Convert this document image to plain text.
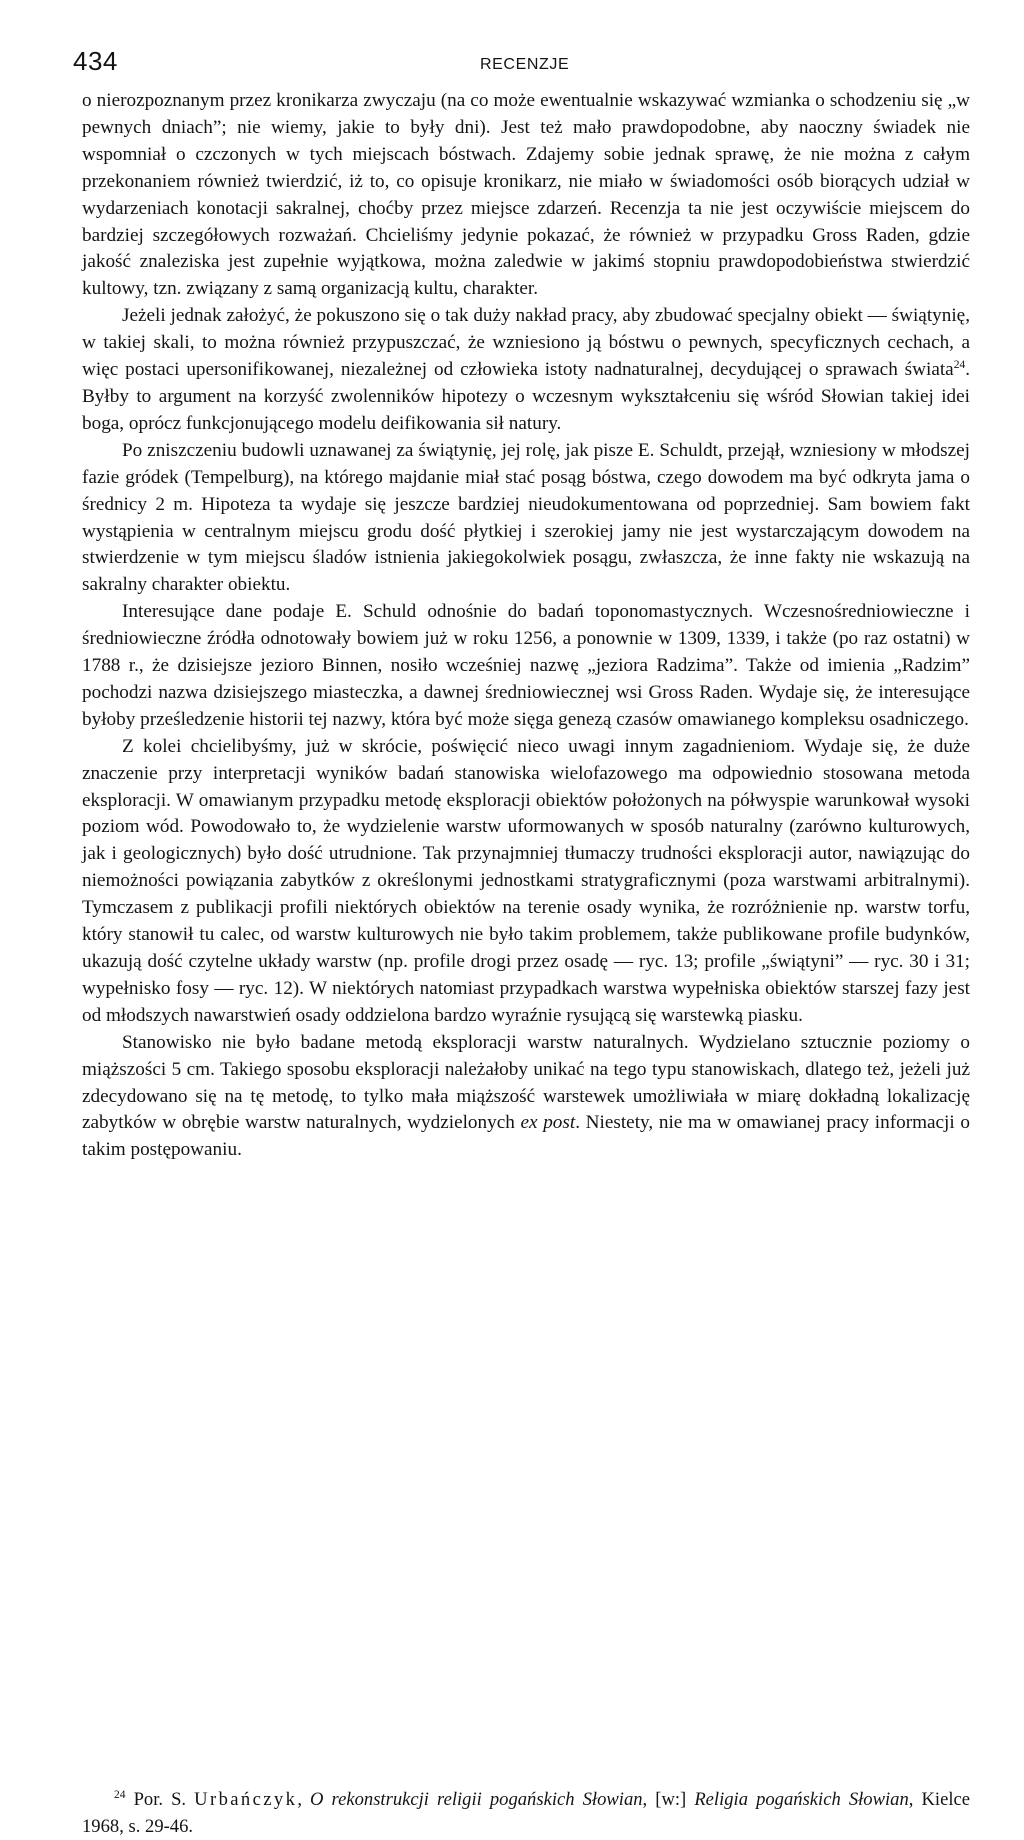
434	RECENZJE

o nierozpoznanym przez kronikarza zwyczaju (na co może ewentualnie wskazywać wzmianka o schodzeniu się „w pewnych dniach”; nie wiemy, jakie to były dni). Jest też mało prawdopodobne, aby naoczny świadek nie wspomniał o czczonych w tych miejscach bóstwach. Zdajemy sobie jednak sprawę, że nie można z całym przekonaniem również twierdzić, iż to, co opisuje kronikarz, nie miało w świadomości osób biorących udział w wydarzeniach konotacji sakralnej, choćby przez miejsce zdarzeń. Recenzja ta nie jest oczywiście miejscem do bardziej szczegółowych rozważań. Chcieliśmy jedynie pokazać, że również w przypadku Gross Raden, gdzie jakość znaleziska jest zupełnie wyjątkowa, można zaledwie w jakimś stopniu prawdopodobieństwa stwierdzić kultowy, tzn. związany z samą organizacją kultu, charakter.

Jeżeli jednak założyć, że pokuszono się o tak duży nakład pracy, aby zbudować specjalny obiekt — świątynię, w takiej skali, to można również przypuszczać, że wzniesiono ją bóstwu o pewnych, specyficznych cechach, a więc postaci upersonifikowanej, niezależnej od człowieka istoty nadnaturalnej, decydującej o sprawach świata$^{24}$. Byłby to argument na korzyść zwolenników hipotezy o wczesnym wykształceniu się wśród Słowian takiej idei boga, oprócz funkcjonującego modelu deifikowania sił natury.

Po zniszczeniu budowli uznawanej za świątynię, jej rolę, jak pisze E. Schuldt, przejął, wzniesiony w młodszej fazie gródek (Tempelburg), na którego majdanie miał stać posąg bóstwa, czego dowodem ma być odkryta jama o średnicy 2 m. Hipoteza ta wydaje się jeszcze bardziej nieudokumentowana od poprzedniej. Sam bowiem fakt wystąpienia w centralnym miejscu grodu dość płytkiej i szerokiej jamy nie jest wystarczającym dowodem na stwierdzenie w tym miejscu śladów istnienia jakiegokolwiek posągu, zwłaszcza, że inne fakty nie wskazują na sakralny charakter obiektu.

Interesujące dane podaje E. Schuld odnośnie do badań toponomastycznych. Wczesnośredniowieczne i średniowieczne źródła odnotowały bowiem już w roku 1256, a ponownie w 1309, 1339, i także (po raz ostatni) w 1788 r., że dzisiejsze jezioro Binnen, nosiło wcześniej nazwę „jeziora Radzima”. Także od imienia „Radzim” pochodzi nazwa dzisiejszego miasteczka, a dawnej średniowiecznej wsi Gross Raden. Wydaje się, że interesujące byłoby prześledzenie historii tej nazwy, która być może sięga genezą czasów omawianego kompleksu osadniczego.

Z kolei chcielibyśmy, już w skrócie, poświęcić nieco uwagi innym zagadnieniom. Wydaje się, że duże znaczenie przy interpretacji wyników badań stanowiska wielofazowego ma odpowiednio stosowana metoda eksploracji. W omawianym przypadku metodę eksploracji obiektów położonych na półwyspie warunkował wysoki poziom wód. Powodowało to, że wydzielenie warstw uformowanych w sposób naturalny (zarówno kulturowych, jak i geologicznych) było dość utrudnione. Tak przynajmniej tłumaczy trudności eksploracji autor, nawiązując do niemożności powiązania zabytków z określonymi jednostkami stratygraficznymi (poza warstwami arbitralnymi). Tymczasem z publikacji profili niektórych obiektów na terenie osady wynika, że rozróżnienie np. warstw torfu, który stanowił tu calec, od warstw kulturowych nie było takim problemem, także publikowane profile budynków, ukazują dość czytelne układy warstw (np. profile drogi przez osadę — ryc. 13; profile „świątyni” — ryc. 30 i 31; wypełnisko fosy — ryc. 12). W niektórych natomiast przypadkach warstwa wypełniska obiektów starszej fazy jest od młodszych nawarstwień osady oddzielona bardzo wyraźnie rysującą się warstewką piasku.

Stanowisko nie było badane metodą eksploracji warstw naturalnych. Wydzielano sztucznie poziomy o miąższości 5 cm. Takiego sposobu eksploracji należałoby unikać na tego typu stanowiskach, dlatego też, jeżeli już zdecydowano się na tę metodę, to tylko mała miąższość warstewek umożliwiała w miarę dokładną lokalizację zabytków w obrębie warstw naturalnych, wydzielonych ex post. Niestety, nie ma w omawianej pracy informacji o takim postępowaniu.

$^{24}$ Por. S. Urbańczyk, O rekonstrukcji religii pogańskich Słowian, [w:] Religia pogańskich Słowian, Kielce 1968, s. 29-46.
